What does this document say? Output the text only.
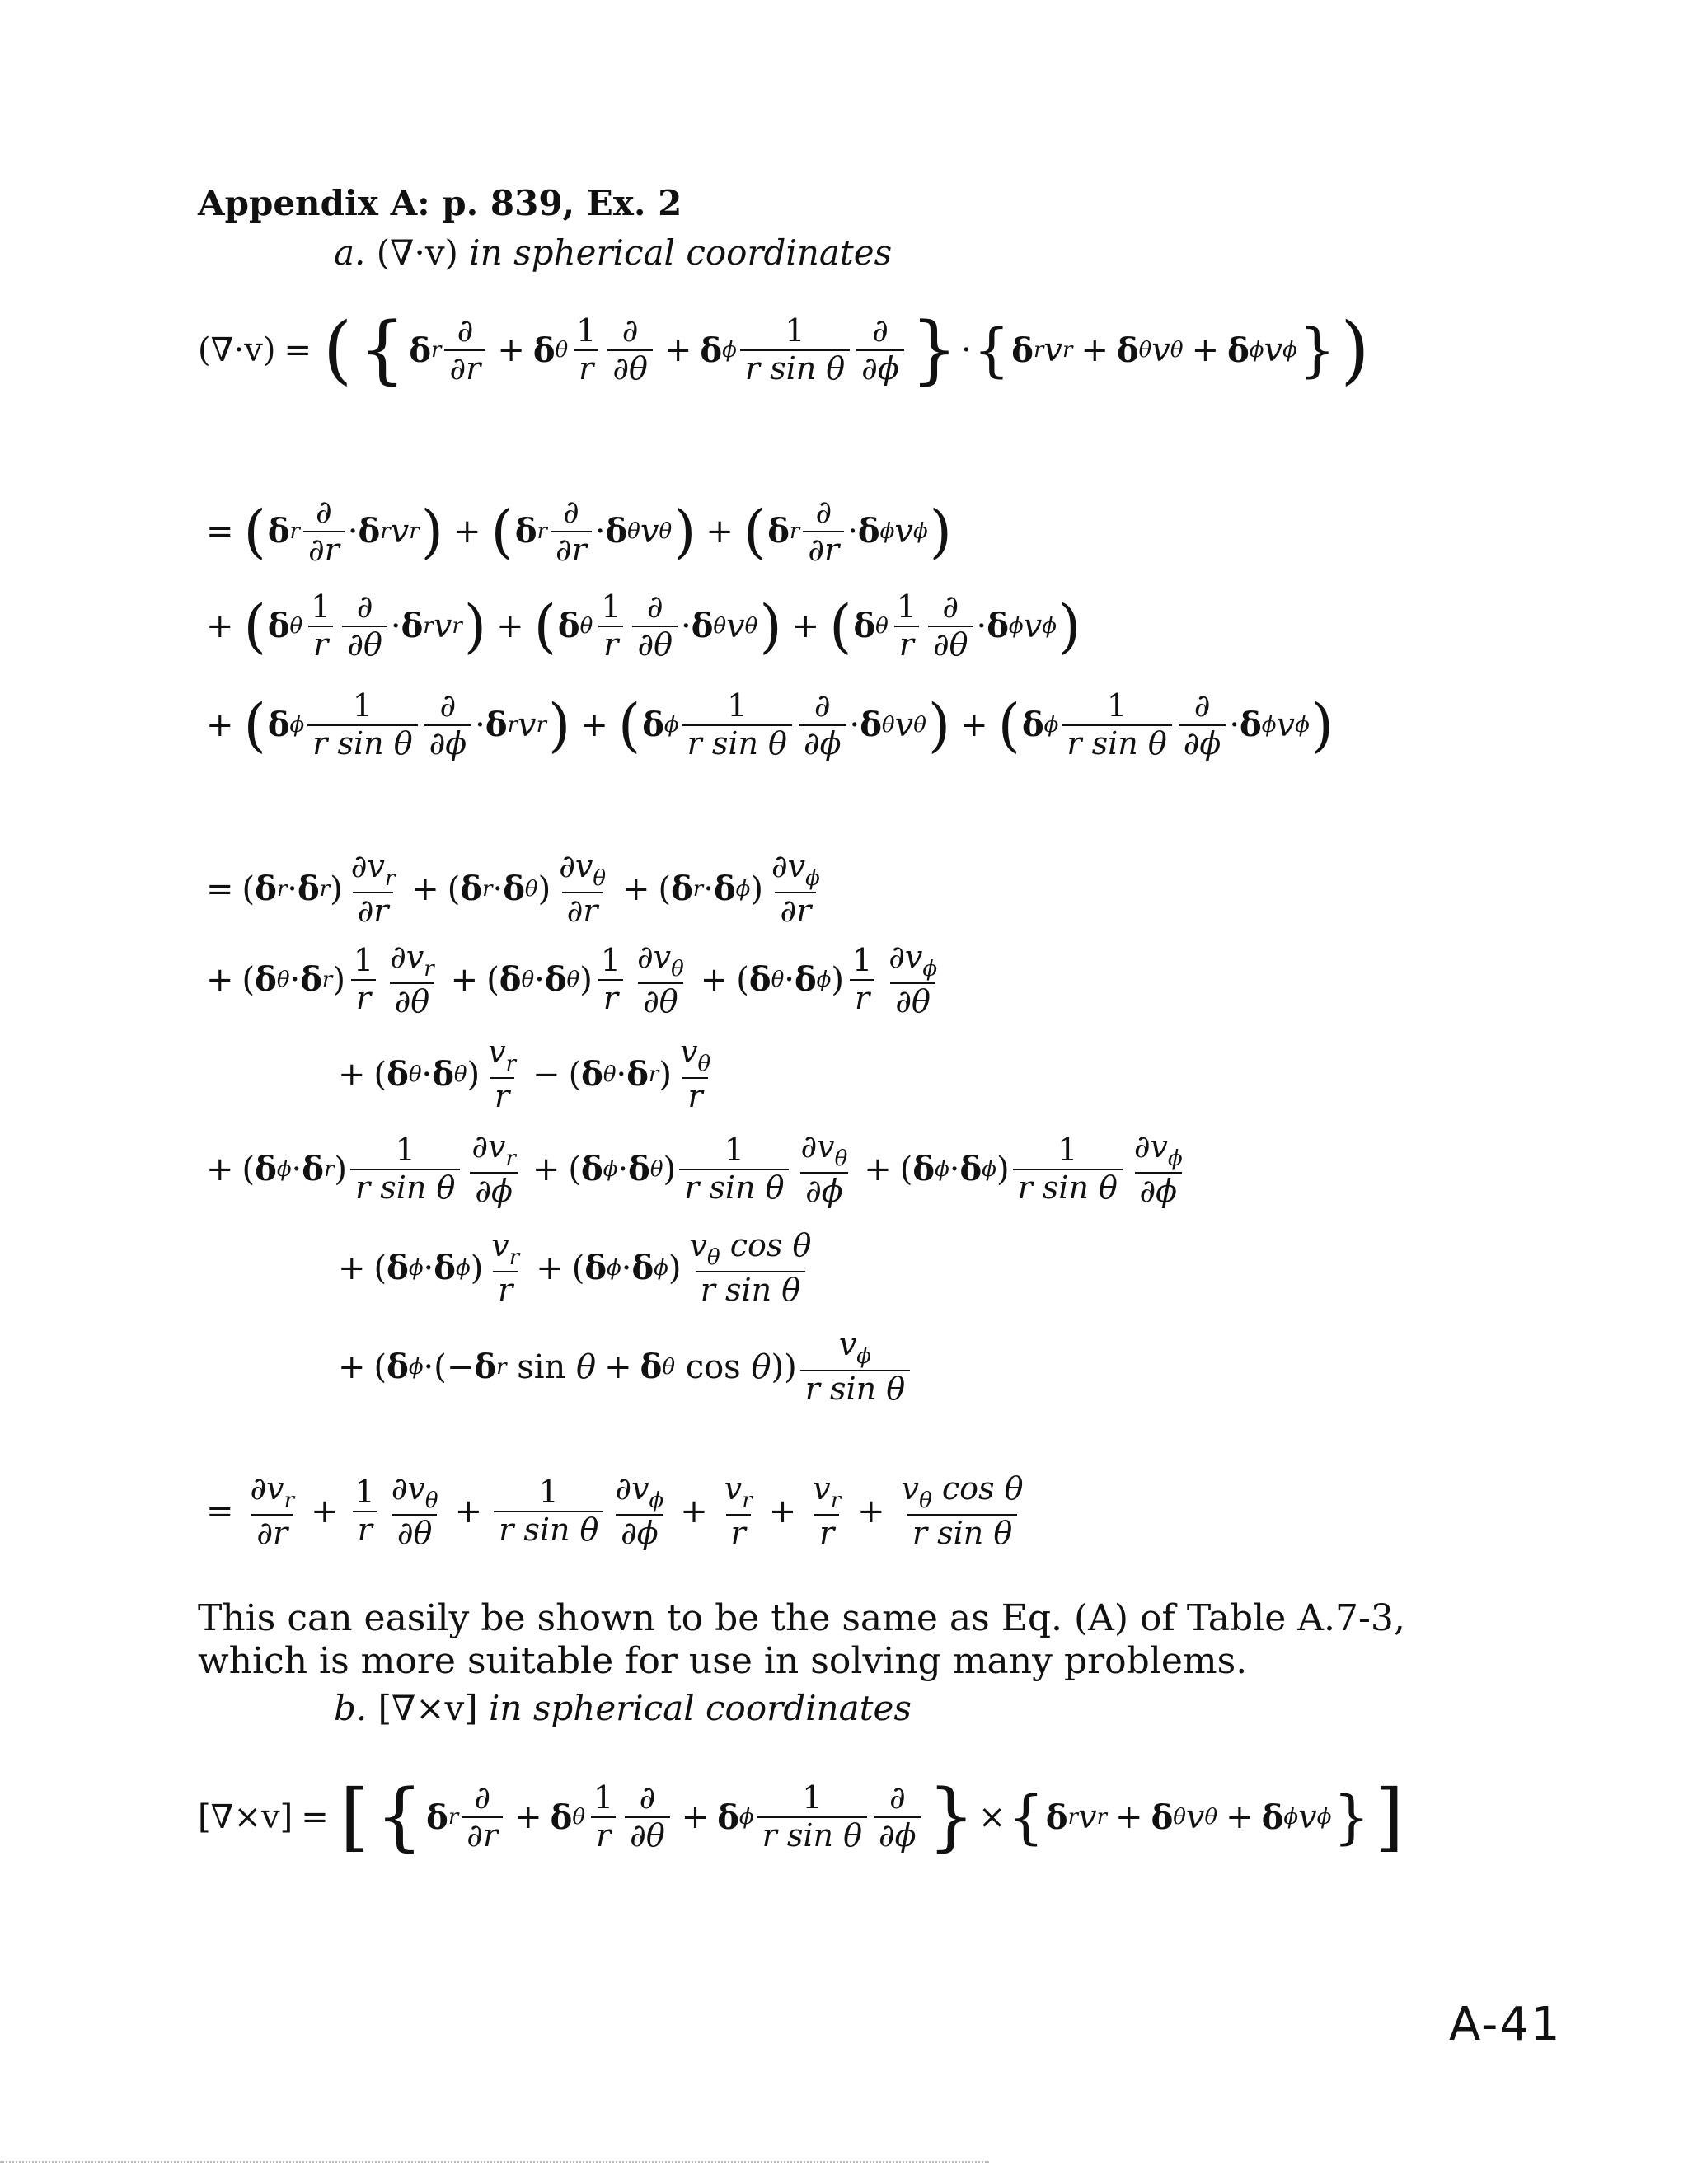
Appendix A: p. 839, Ex. 2
a. (∇·v) in spherical coordinates
(∇·v) = ( { δ r $\frac{\partial}{\partial r} + \delta$ θ $\frac{1}{r} \frac{\partial}{\partial\theta} + \delta$ ϕ $\frac{1}{\text{r sin θ}} \frac{\partial}{\partial\phi}$ } · { δ r v r + δ θ v θ + δ ϕ v ϕ } )
= ( δ r $\frac{\partial}{\partial r} \cdot \delta$ r v r ) + ( δ r $\frac{\partial}{\partial r} \cdot \delta$ θ v θ ) + ( δ r $\frac{\partial}{\partial r} \cdot \delta$ ϕ v ϕ )
+ ( δ θ $\frac{1}{r} \frac{\partial}{\partial\theta} \cdot \delta$ r v r ) + ( δ θ $\frac{1}{r} \frac{\partial}{\partial\theta} \cdot \delta$ θ v θ ) + ( δ θ $\frac{1}{r} \frac{\partial}{\partial\theta} \cdot \delta$ ϕ v ϕ )
+ ( δ ϕ $\frac{1}{\text{r sin θ}} \frac{\partial}{\partial\phi} \cdot \delta$ r v r ) + ( δ ϕ $\frac{1}{\text{r sin θ}} \frac{\partial}{\partial\phi} \cdot \delta$ θ v θ ) + ( δ ϕ $\frac{1}{\text{r sin θ}} \frac{\partial}{\partial\phi} \cdot \delta$ ϕ v ϕ )
= ( δ r · δ r ) $\frac{\partial v_r}{\partial r}$ + ( δ r · δ θ ) $\frac{\partial v_\theta}{\partial r}$ + ( δ r · δ ϕ ) $\frac{\partial v_\phi}{\partial r}$
+ ( δ θ · δ r ) $\frac{1}{r} \frac{\partial v_r}{\partial\theta}$ + ( δ θ · δ θ ) $\frac{1}{r} \frac{\partial v_\theta}{\partial\theta}$ + ( δ θ · δ ϕ ) $\frac{1}{r} \frac{\partial v_\phi}{\partial\theta}$
+ ( δ θ · δ θ ) $\frac{v_r}{r}$ − ( δ θ · δ r ) $\frac{v_\theta}{r}$
+ ( δ ϕ · δ r ) $\frac{1}{\text{r sin θ}} \frac{\partial v_r}{\partial\phi}$ + ( δ ϕ · δ θ ) $\frac{1}{\text{r sin θ}} \frac{\partial v_\theta}{\partial\phi}$ + ( δ ϕ · δ ϕ ) $\frac{1}{\text{r sin θ}} \frac{\partial v_\phi}{\partial\phi}$
+ ( δ ϕ · δ ϕ ) $\frac{v_r}{r}$ + ( δ ϕ · δ ϕ ) $\frac{v_\theta \cos \theta}{\text{r sin θ}}$
+ ( δ ϕ · ( − δ r sin θ + δ θ cos θ ) ) $\frac{v_\phi}{\text{r sin θ}}$
= $\frac{\partial v_r}{\partial r} + \frac{1}{r} \frac{\partial v_\theta}{\partial\theta} + \frac{1}{\text{r sin θ}} \frac{\partial v_\phi}{\partial\phi} + \frac{v_r}{r} + \frac{v_r}{r} + \frac{v_\theta \cos \theta}{\text{r sin θ}}$
This can easily be shown to be the same as Eq. (A) of Table A.7-3, which is more suitable for use in solving many problems.
b. [∇×v] in spherical coordinates
[∇×v] = [ { δ r $\frac{\partial}{\partial r} + \delta$ θ $\frac{1}{r} \frac{\partial}{\partial\theta} + \delta$ ϕ $\frac{1}{\text{r sin θ}} \frac{\partial}{\partial\phi}$ } × { δ r v r + δ θ v θ + δ ϕ v ϕ } ]
A-41
